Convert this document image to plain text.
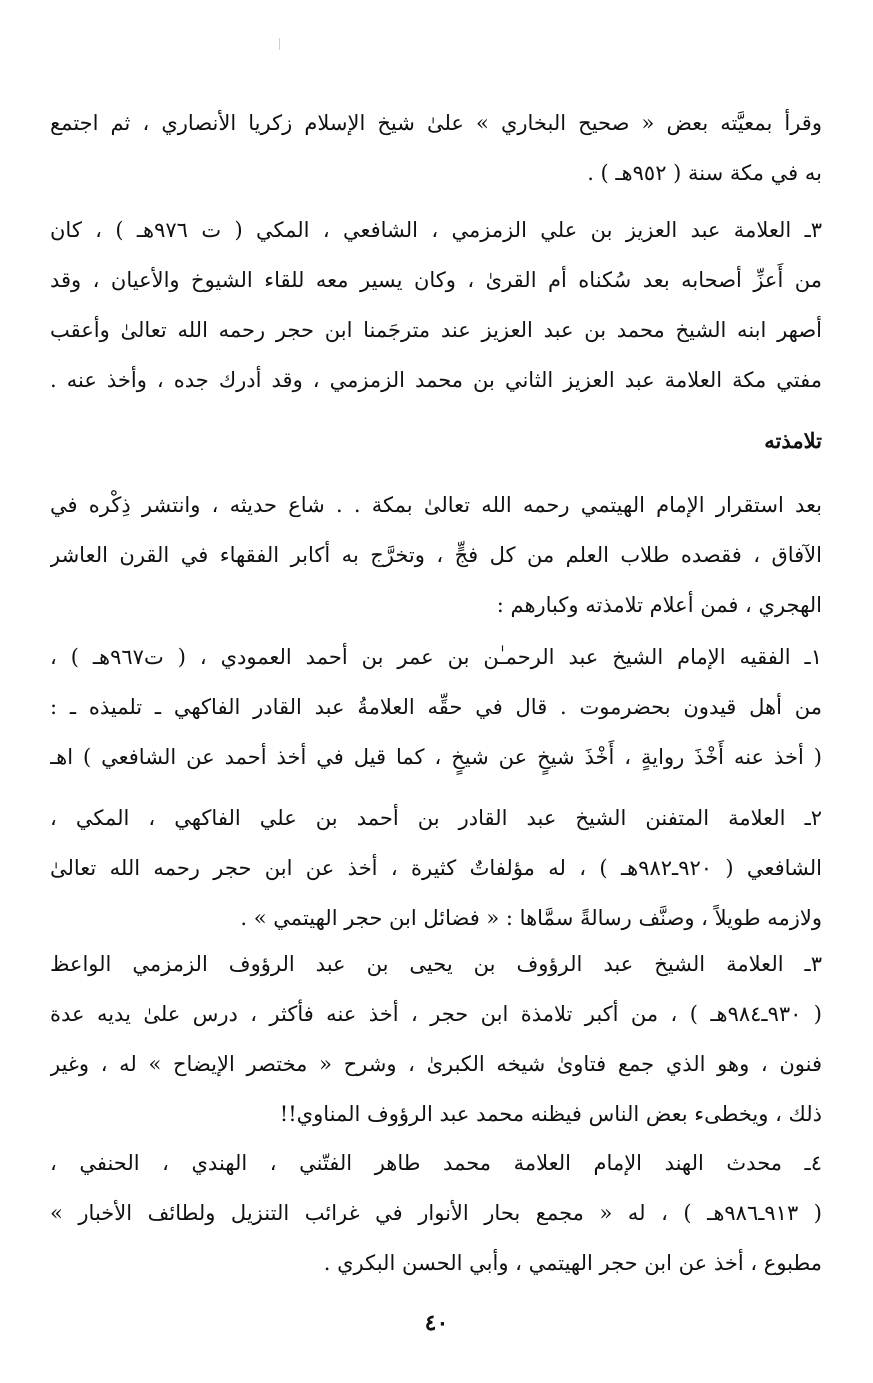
وقرأ بمعيَّته بعض « صحيح البخاري » علىٰ شيخ الإسلام زكريا الأنصاري ، ثم اجتمع
به في مكة سنة ( ٩٥٢هـ ) .
٣ـ العلامة عبد العزيز بن علي الزمزمي ، الشافعي ، المكي ( ت ٩٧٦هـ ) ، كان
من أَعزِّ أصحابه بعد سُكناه أم القرىٰ ، وكان يسير معه للقاء الشيوخ والأعيان ، وقد
أصهر ابنه الشيخ محمد بن عبد العزيز عند مترجَمنا ابن حجر رحمه الله تعالىٰ وأعقب
مفتي مكة العلامة عبد العزيز الثاني بن محمد الزمزمي ، وقد أدرك جده ، وأخذ عنه .
تلامذته
بعد استقرار الإمام الهيتمي رحمه الله تعالىٰ بمكة . . شاع حديثه ، وانتشر ذِكْره في
الآفاق ، فقصده طلاب العلم من كل فجٍّ ، وتخرَّج به أكابر الفقهاء في القرن العاشر
الهجري ، فمن أعلام تلامذته وكبارهم :
١ـ الفقيه الإمام الشيخ عبد الرحمـٰن بن عمر بن أحمد العمودي ، ( ت٩٦٧هـ ) ،
من أهل قيدون بحضرموت . قال في حقِّه العلامةُ عبد القادر الفاكهي ـ تلميذه ـ :
( أخذ عنه أَخْذَ روايةٍ ، أَخْذَ شيخٍ عن شيخٍ ، كما قيل في أخذ أحمد عن الشافعي ) اهـ
٢ـ العلامة المتفنن الشيخ عبد القادر بن أحمد بن علي الفاكهي ، المكي ،
الشافعي ( ٩٢٠ـ٩٨٢هـ ) ، له مؤلفاتٌ كثيرة ، أخذ عن ابن حجر رحمه الله تعالىٰ
ولازمه طويلاً ، وصنَّف رسالةً سمَّاها : « فضائل ابن حجر الهيتمي » .
٣ـ العلامة الشيخ عبد الرؤوف بن يحيى بن عبد الرؤوف الزمزمي الواعظ
( ٩٣٠ـ٩٨٤هـ ) ، من أكبر تلامذة ابن حجر ، أخذ عنه فأكثر ، درس علىٰ يديه عدة
فنون ، وهو الذي جمع فتاوىٰ شيخه الكبرىٰ ، وشرح « مختصر الإيضاح » له ، وغير
ذلك ، ويخطىء بعض الناس فيظنه محمد عبد الرؤوف المناوي!!
٤ـ محدث الهند الإمام العلامة محمد طاهر الفتّني ، الهندي ، الحنفي ،
( ٩١٣ـ٩٨٦هـ ) ، له « مجمع بحار الأنوار في غرائب التنزيل ولطائف الأخبار »
مطبوع ، أخذ عن ابن حجر الهيتمي ، وأبي الحسن البكري .
٤٠
